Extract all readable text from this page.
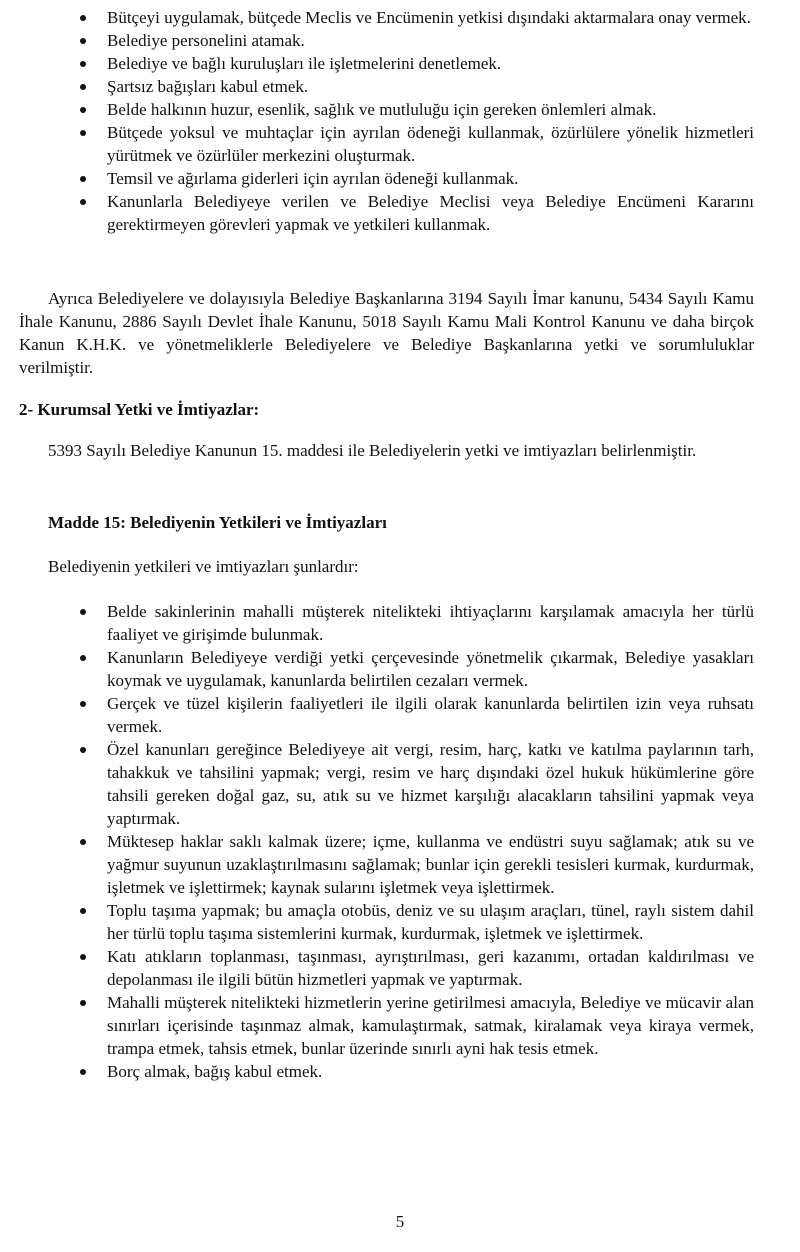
Bütçeyi uygulamak, bütçede Meclis ve Encümenin yetkisi dışındaki aktarmalara onay vermek.
Belediye personelini atamak.
Belediye ve bağlı kuruluşları ile işletmelerini denetlemek.
Şartsız bağışları kabul etmek.
Belde halkının huzur, esenlik, sağlık ve mutluluğu için gereken önlemleri almak.
Bütçede yoksul ve muhtaçlar için ayrılan ödeneği kullanmak, özürlülere yönelik hizmetleri yürütmek ve özürlüler merkezini oluşturmak.
Temsil ve ağırlama giderleri için ayrılan ödeneği kullanmak.
Kanunlarla Belediyeye verilen ve Belediye Meclisi veya Belediye Encümeni Kararını gerektirmeyen görevleri yapmak ve yetkileri kullanmak.

Ayrıca Belediyelere ve dolayısıyla Belediye Başkanlarına 3194 Sayılı İmar kanunu, 5434 Sayılı Kamu İhale Kanunu, 2886 Sayılı Devlet İhale Kanunu, 5018 Sayılı Kamu Mali Kontrol Kanunu ve daha birçok Kanun K.H.K. ve yönetmeliklerle Belediyelere ve Belediye Başkanlarına yetki ve sorumluluklar verilmiştir.

2- Kurumsal Yetki ve İmtiyazlar:

5393 Sayılı Belediye Kanunun 15. maddesi ile Belediyelerin yetki ve imtiyazları belirlenmiştir.

Madde 15: Belediyenin Yetkileri ve İmtiyazları

Belediyenin yetkileri ve imtiyazları şunlardır:

Belde sakinlerinin mahalli müşterek nitelikteki ihtiyaçlarını karşılamak amacıyla her türlü faaliyet ve girişimde bulunmak.
Kanunların Belediyeye verdiği yetki çerçevesinde yönetmelik çıkarmak, Belediye yasakları koymak ve uygulamak, kanunlarda belirtilen cezaları vermek.
Gerçek ve tüzel kişilerin faaliyetleri ile ilgili olarak kanunlarda belirtilen izin veya ruhsatı vermek.
Özel kanunları gereğince Belediyeye ait vergi, resim, harç, katkı ve katılma paylarının tarh, tahakkuk ve tahsilini yapmak; vergi, resim ve harç dışındaki özel hukuk hükümlerine göre tahsili gereken doğal gaz, su, atık su ve hizmet karşılığı alacakların tahsilini yapmak veya yaptırmak.
Müktesep haklar saklı kalmak üzere; içme, kullanma ve endüstri suyu sağlamak; atık su ve yağmur suyunun uzaklaştırılmasını sağlamak; bunlar için gerekli tesisleri kurmak, kurdurmak, işletmek ve işlettirmek; kaynak sularını işletmek veya işlettirmek.
Toplu taşıma yapmak; bu amaçla otobüs, deniz ve su ulaşım araçları, tünel, raylı sistem dahil her türlü toplu taşıma sistemlerini kurmak, kurdurmak, işletmek ve işlettirmek.
Katı atıkların toplanması, taşınması, ayrıştırılması, geri kazanımı, ortadan kaldırılması ve depolanması ile ilgili bütün hizmetleri yapmak ve yaptırmak.
Mahalli müşterek nitelikteki hizmetlerin yerine getirilmesi amacıyla, Belediye ve mücavir alan sınırları içerisinde taşınmaz almak, kamulaştırmak, satmak, kiralamak veya kiraya vermek, trampa etmek, tahsis etmek, bunlar üzerinde sınırlı ayni hak tesis etmek.
Borç almak, bağış kabul etmek.
5
